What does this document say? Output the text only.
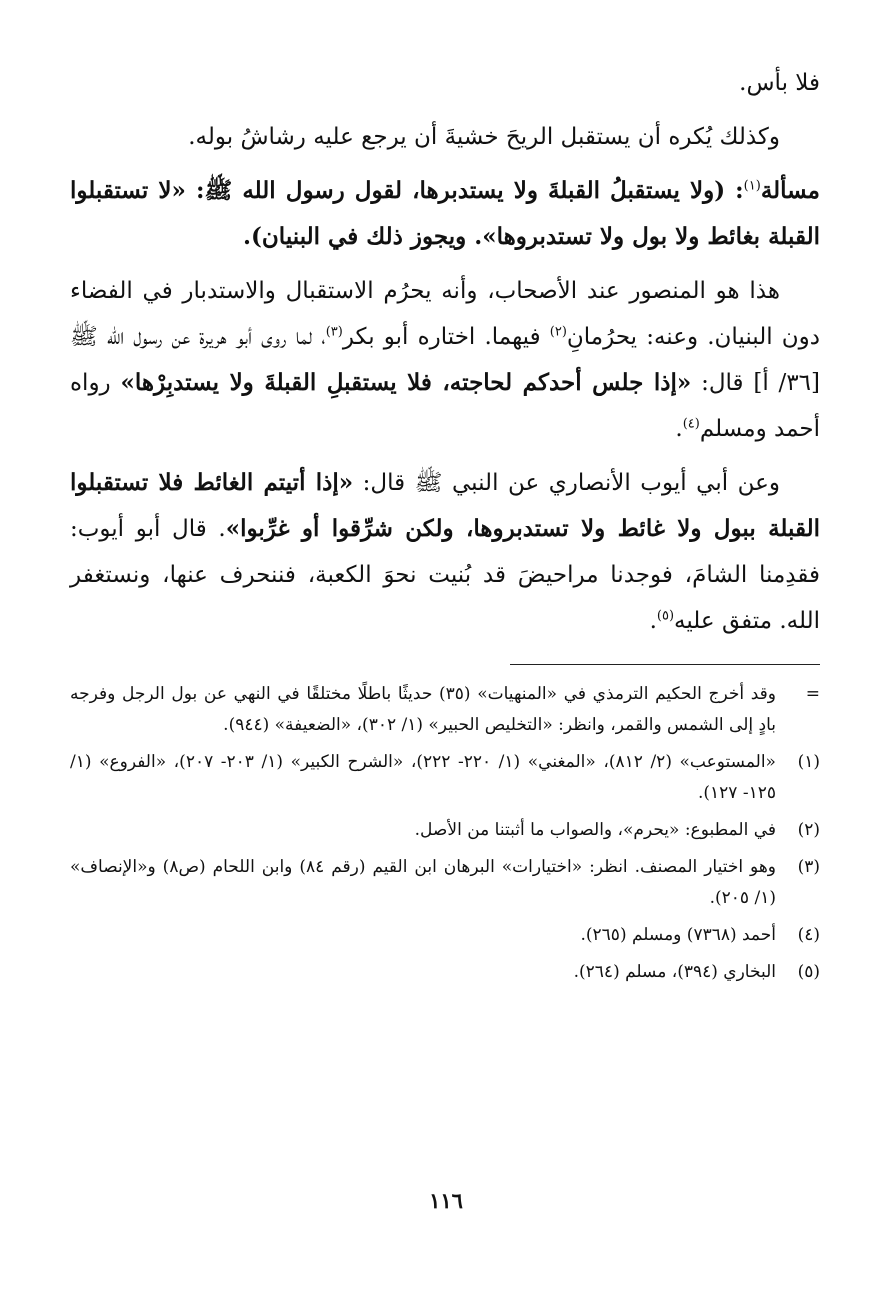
فلا بأس.

وكذلك يُكره أن يستقبل الريحَ خشيةَ أن يرجع عليه رشاشُ بوله.

مسألة$^{(١)}$: (ولا يستقبلُ القبلةَ ولا يستدبرها، لقول رسول الله ﷺ: «لا تستقبلوا القبلة بغائط ولا بول ولا تستدبروها». ويجوز ذلك في البنيان).

هذا هو المنصور عند الأصحاب، وأنه يحرُم الاستقبال والاستدبار في الفضاء دون البنيان. وعنه: يحرُمانِ$^{(٢)}$ فيهما. اختاره أبو بكر$^{(٣)}$، لما روى أبو هريرة عن رسول الله ﷺ [٣٦/ أ] قال: «إذا جلس أحدكم لحاجته، فلا يستقبلِ القبلةَ ولا يستدبِرْها» رواه أحمد ومسلم$^{(٤)}$.

وعن أبي أيوب الأنصاري عن النبي ﷺ قال: «إذا أتيتم الغائط فلا تستقبلوا القبلة ببول ولا غائط ولا تستدبروها، ولكن شرِّقوا أو غرِّبوا». قال أبو أيوب: فقدِمنا الشامَ، فوجدنا مراحيضَ قد بُنيت نحوَ الكعبة، فننحرف عنها، ونستغفر الله. متفق عليه$^{(٥)}$.

=
وقد أخرج الحكيم الترمذي في «المنهيات» (٣٥) حديثًا باطلًا مختلقًا في النهي عن بول الرجل وفرجه بادٍ إلى الشمس والقمر، وانظر: «التخليص الحبير» (١/ ٣٠٢)، «الضعيفة» (٩٤٤).
(١)
«المستوعب» (٢/ ٨١٢)، «المغني» (١/ ٢٢٠- ٢٢٢)، «الشرح الكبير» (١/ ٢٠٣- ٢٠٧)، «الفروع» (١/ ١٢٥- ١٢٧).
(٢)
في المطبوع: «يحرم»، والصواب ما أثبتنا من الأصل.
(٣)
وهو اختيار المصنف. انظر: «اختيارات» البرهان ابن القيم (رقم ٨٤) وابن اللحام (ص٨) و«الإنصاف» (١/ ٢٠٥).
(٤)
أحمد (٧٣٦٨) ومسلم (٢٦٥).
(٥)
البخاري (٣٩٤)، مسلم (٢٦٤).
١١٦
